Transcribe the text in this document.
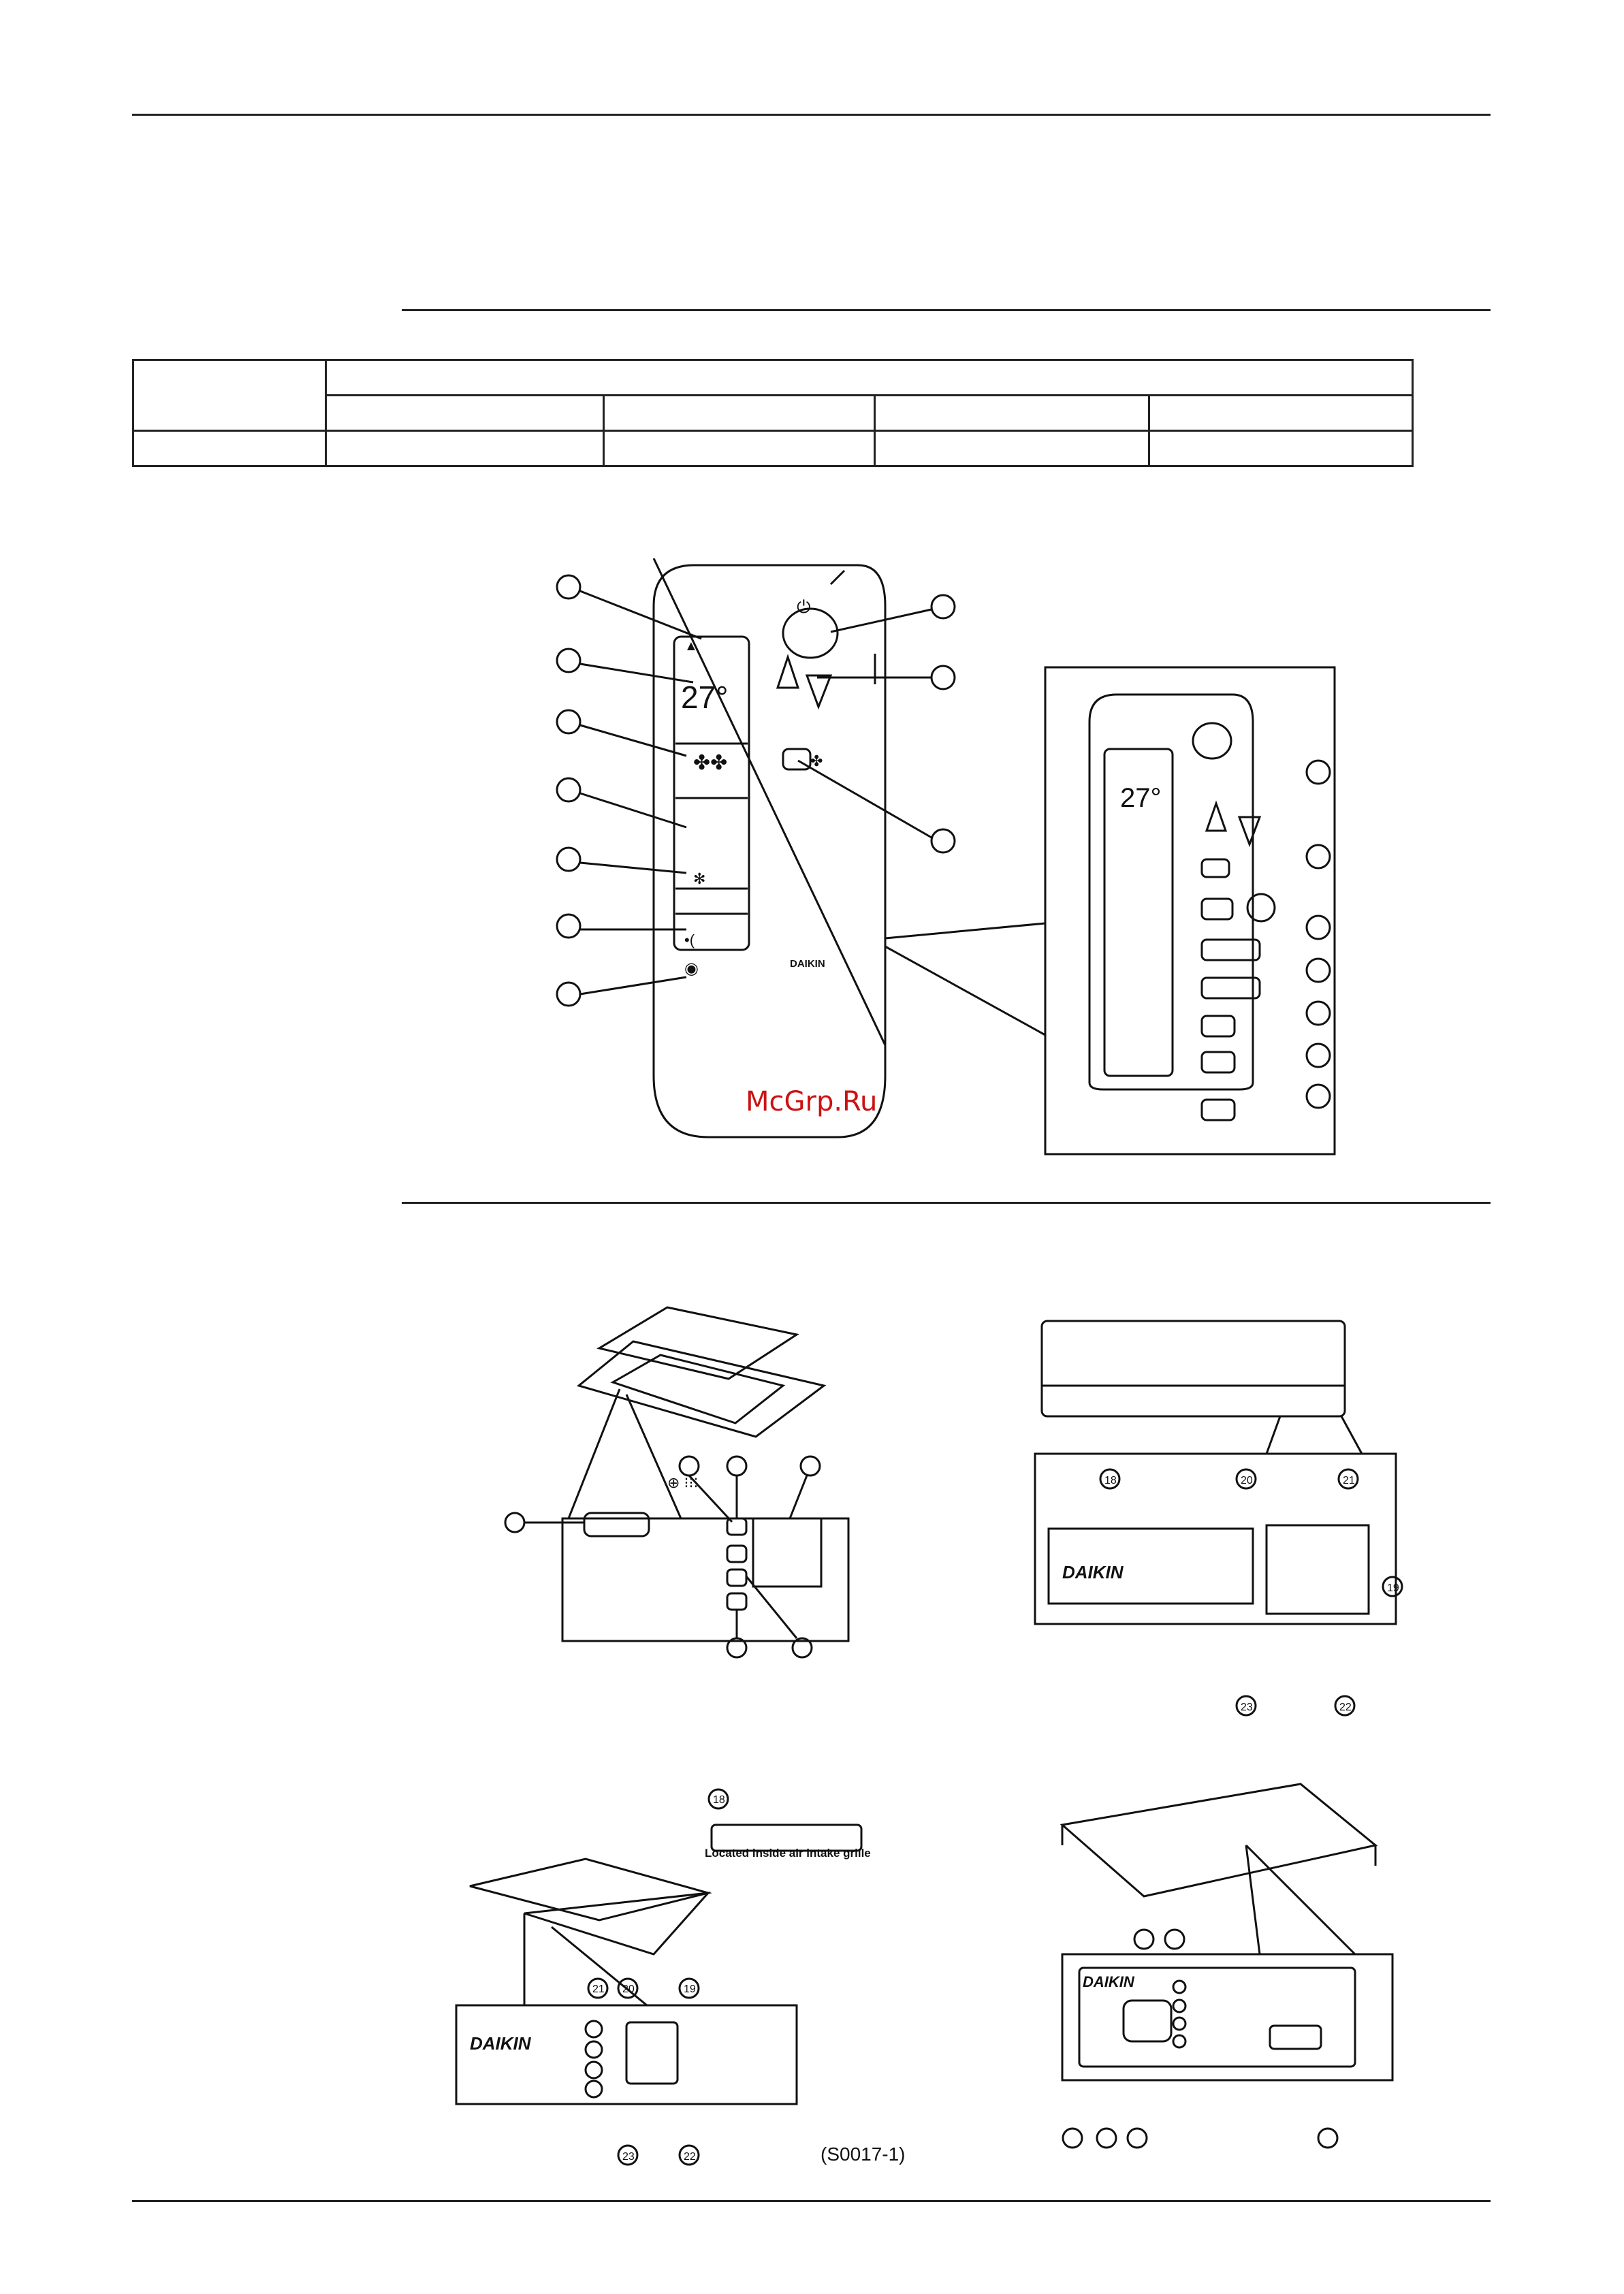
27°
27°
▲
✤✤	✤
✻
•(
◉
⏻
DAIKIN
McGrp.Ru
⊕ ⁝⁝⁝	18	20	21
19
23	22
DAIKIN
18
21 20	19
23	22
DAIKIN
Located inside air intake grille
DAIKIN
(S0017-1)
